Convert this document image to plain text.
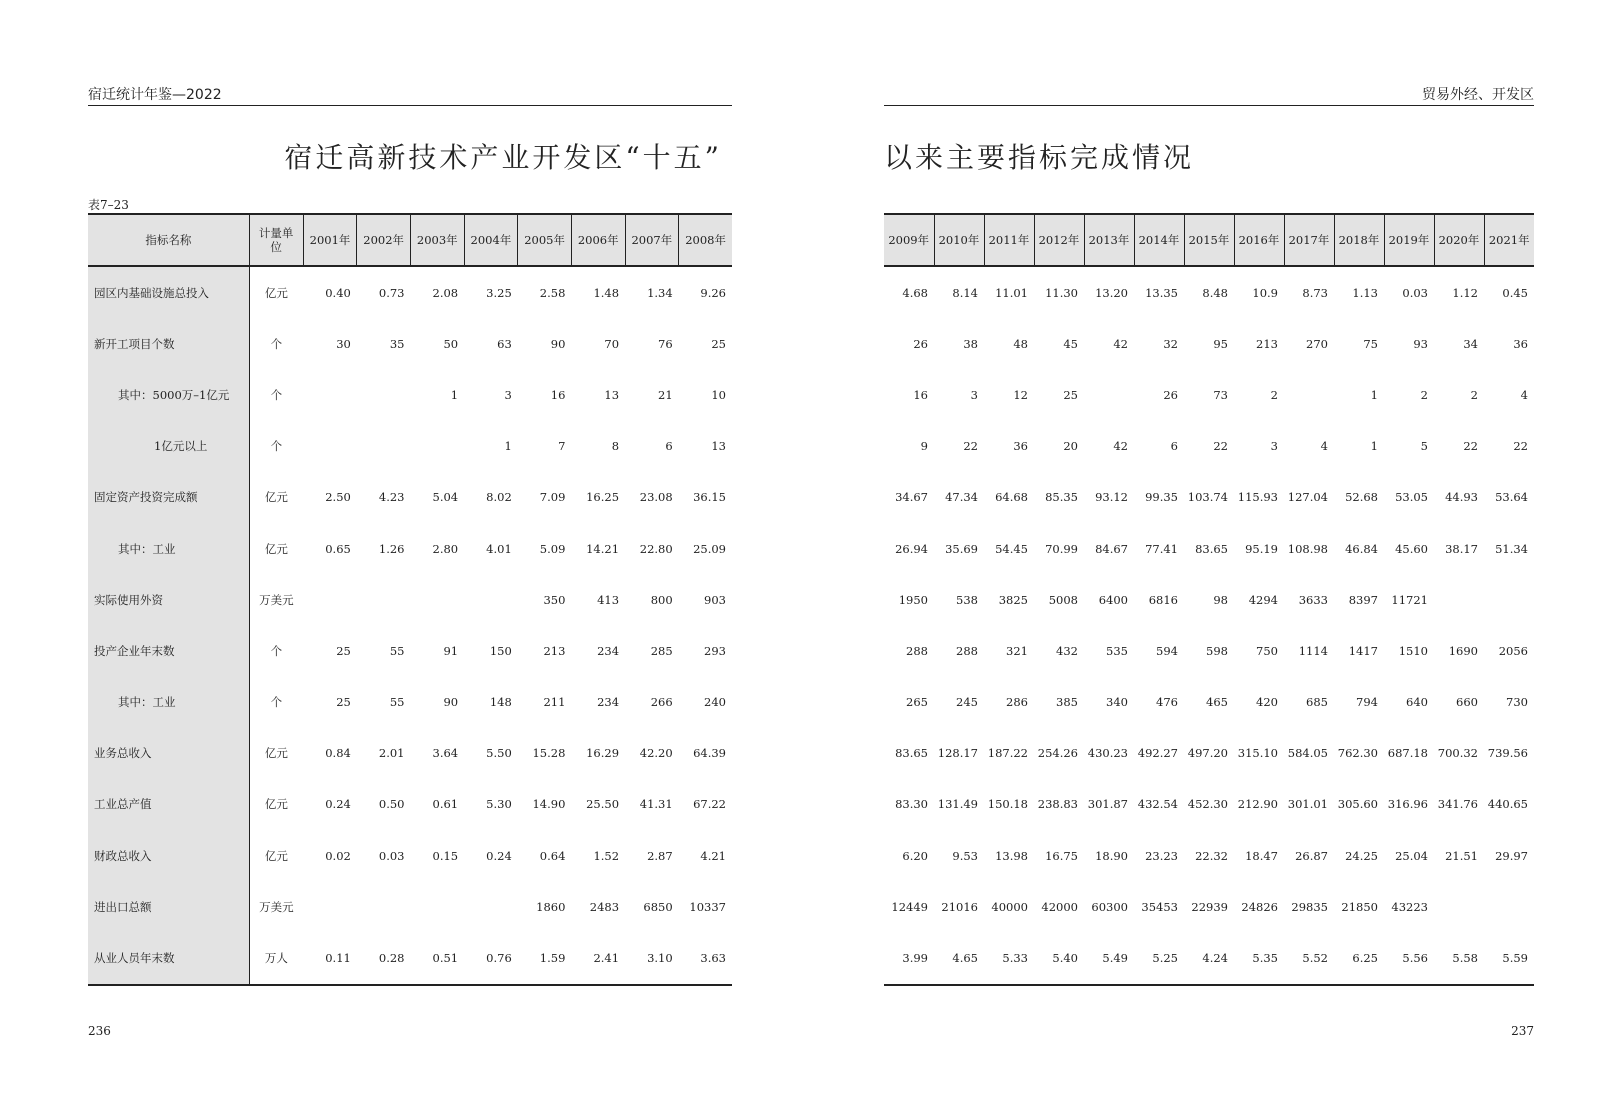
宿迁统计年鉴—2022	贸易外经、开发区
宿迁高新技术产业开发区“十五”	以来主要指标完成情况
表7–23
指标名称	计量单位	2001年	2002年	2003年	2004年	2005年	2006年	2007年	2008年
园区内基础设施总投入	亿元	0.40	0.73	2.08	3.25	2.58	1.48	1.34	9.26
新开工项目个数	个	30	35	50	63	90	70	76	25
其中：5000万–1亿元	个			1	3	16	13	21	10
1亿元以上	个				1	7	8	6	13
固定资产投资完成额	亿元	2.50	4.23	5.04	8.02	7.09	16.25	23.08	36.15
其中：工业	亿元	0.65	1.26	2.80	4.01	5.09	14.21	22.80	25.09
实际使用外资	万美元					350	413	800	903
投产企业年末数	个	25	55	91	150	213	234	285	293
其中：工业	个	25	55	90	148	211	234	266	240
业务总收入	亿元	0.84	2.01	3.64	5.50	15.28	16.29	42.20	64.39
工业总产值	亿元	0.24	0.50	0.61	5.30	14.90	25.50	41.31	67.22
财政总收入	亿元	0.02	0.03	0.15	0.24	0.64	1.52	2.87	4.21
进出口总额	万美元					1860	2483	6850	10337
从业人员年末数	万人	0.11	0.28	0.51	0.76	1.59	2.41	3.10	3.63
2009年	2010年	2011年	2012年	2013年	2014年	2015年	2016年	2017年	2018年	2019年	2020年	2021年
4.68	8.14	11.01	11.30	13.20	13.35	8.48	10.9	8.73	1.13	0.03	1.12	0.45
26	38	48	45	42	32	95	213	270	75	93	34	36
16	3	12	25		26	73	2		1	2	2	4
9	22	36	20	42	6	22	3	4	1	5	22	22
34.67	47.34	64.68	85.35	93.12	99.35	103.74	115.93	127.04	52.68	53.05	44.93	53.64
26.94	35.69	54.45	70.99	84.67	77.41	83.65	95.19	108.98	46.84	45.60	38.17	51.34
1950	538	3825	5008	6400	6816	98	4294	3633	8397	11721		
288	288	321	432	535	594	598	750	1114	1417	1510	1690	2056
265	245	286	385	340	476	465	420	685	794	640	660	730
83.65	128.17	187.22	254.26	430.23	492.27	497.20	315.10	584.05	762.30	687.18	700.32	739.56
83.30	131.49	150.18	238.83	301.87	432.54	452.30	212.90	301.01	305.60	316.96	341.76	440.65
6.20	9.53	13.98	16.75	18.90	23.23	22.32	18.47	26.87	24.25	25.04	21.51	29.97
12449	21016	40000	42000	60300	35453	22939	24826	29835	21850	43223		
3.99	4.65	5.33	5.40	5.49	5.25	4.24	5.35	5.52	6.25	5.56	5.58	5.59
236	237
